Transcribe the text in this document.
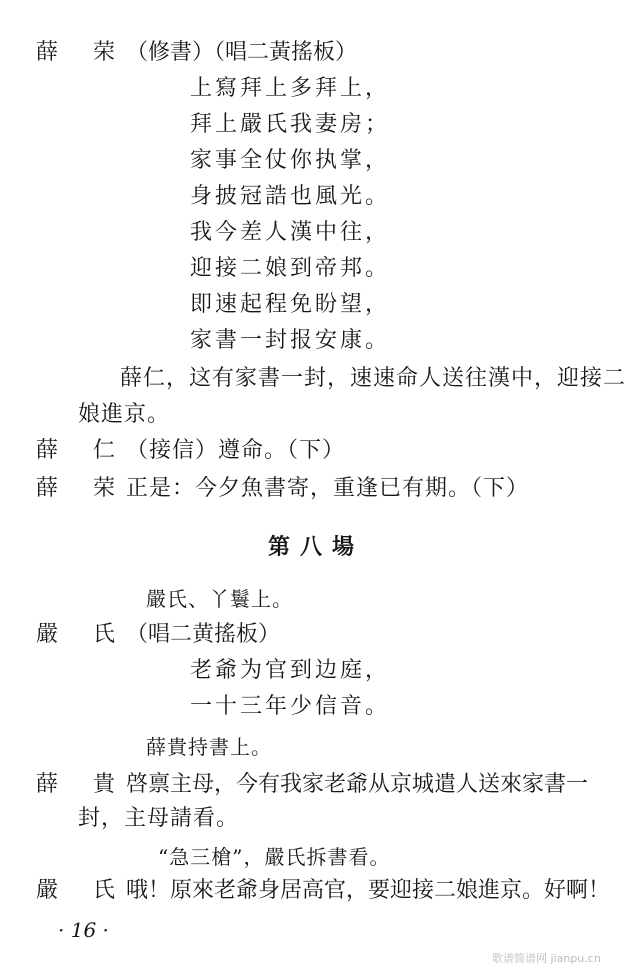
薛 荣
（修書）（唱二黃搖板）
上寫拜上多拜上，
拜上嚴氏我妻房；
家事全仗你执掌，
身披冠誥也風光。
我今差人漢中往，
迎接二娘到帝邦。
即速起程免盼望，
家書一封报安康。
薛仁，这有家書一封，速速命人送往漢中，迎接二
娘進京。
薛 仁
（接信）遵命。（下）
薛 荣
正是：今夕魚書寄，重逢已有期。（下）
第八場
嚴氏、丫鬟上。
嚴 氏
（唱二黄搖板）
老爺为官到边庭，
一十三年少信音。
薛貴持書上。
薛 貴
啓禀主母，今有我家老爺从京城遣人送來家書一
封，主母請看。
“急三槍”，嚴氏拆書看。
嚴 氏
哦！原來老爺身居高官，要迎接二娘進京。好啊！
· 16 ·
歌谱简谱网 jianpu.cn
